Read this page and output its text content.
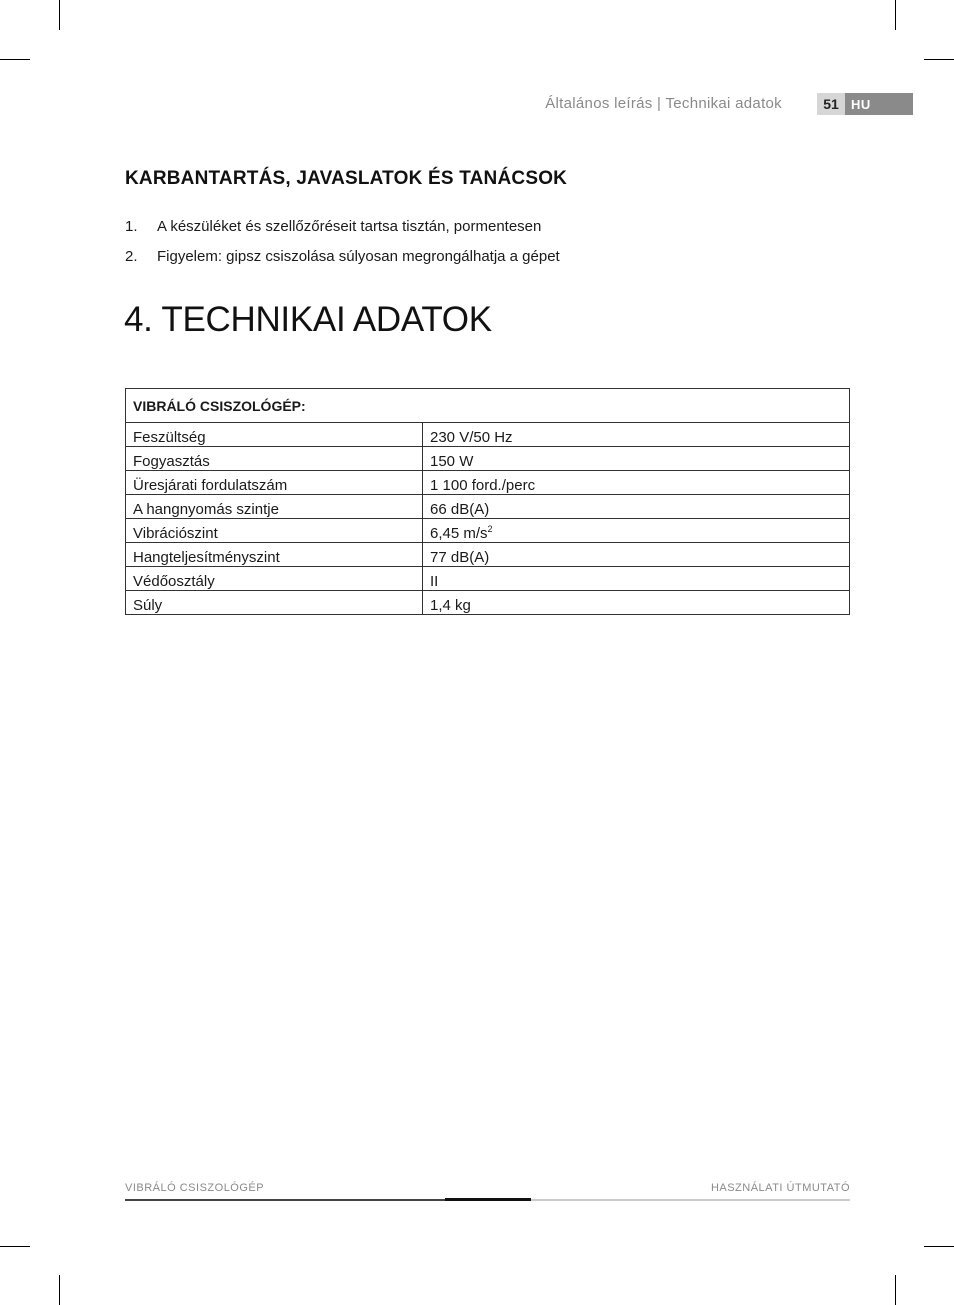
Általános leírás | Technikai adatok	51 HU
KARBANTARTÁS, JAVASLATOK ÉS TANÁCSOK
1.	A készüléket és szellőzőréseit tartsa tisztán, pormentesen
2.	Figyelem: gipsz csiszolása súlyosan megrongálhatja a gépet
4. TECHNIKAI ADATOK
VIBRÁLÓ CSISZOLÓGÉP:	
Feszültség	230 V/50 Hz
Fogyasztás	150 W
Üresjárati fordulatszám	1 100 ford./perc
A hangnyomás szintje	66 dB(A)
Vibrációszint	6,45 $m/s^2$
Hangteljesítményszint	77 dB(A)
Védőosztály	II
Súly	1,4 kg
VIBRÁLÓ CSISZOLÓGÉP	HASZNÁLATI ÚTMUTATÓ
